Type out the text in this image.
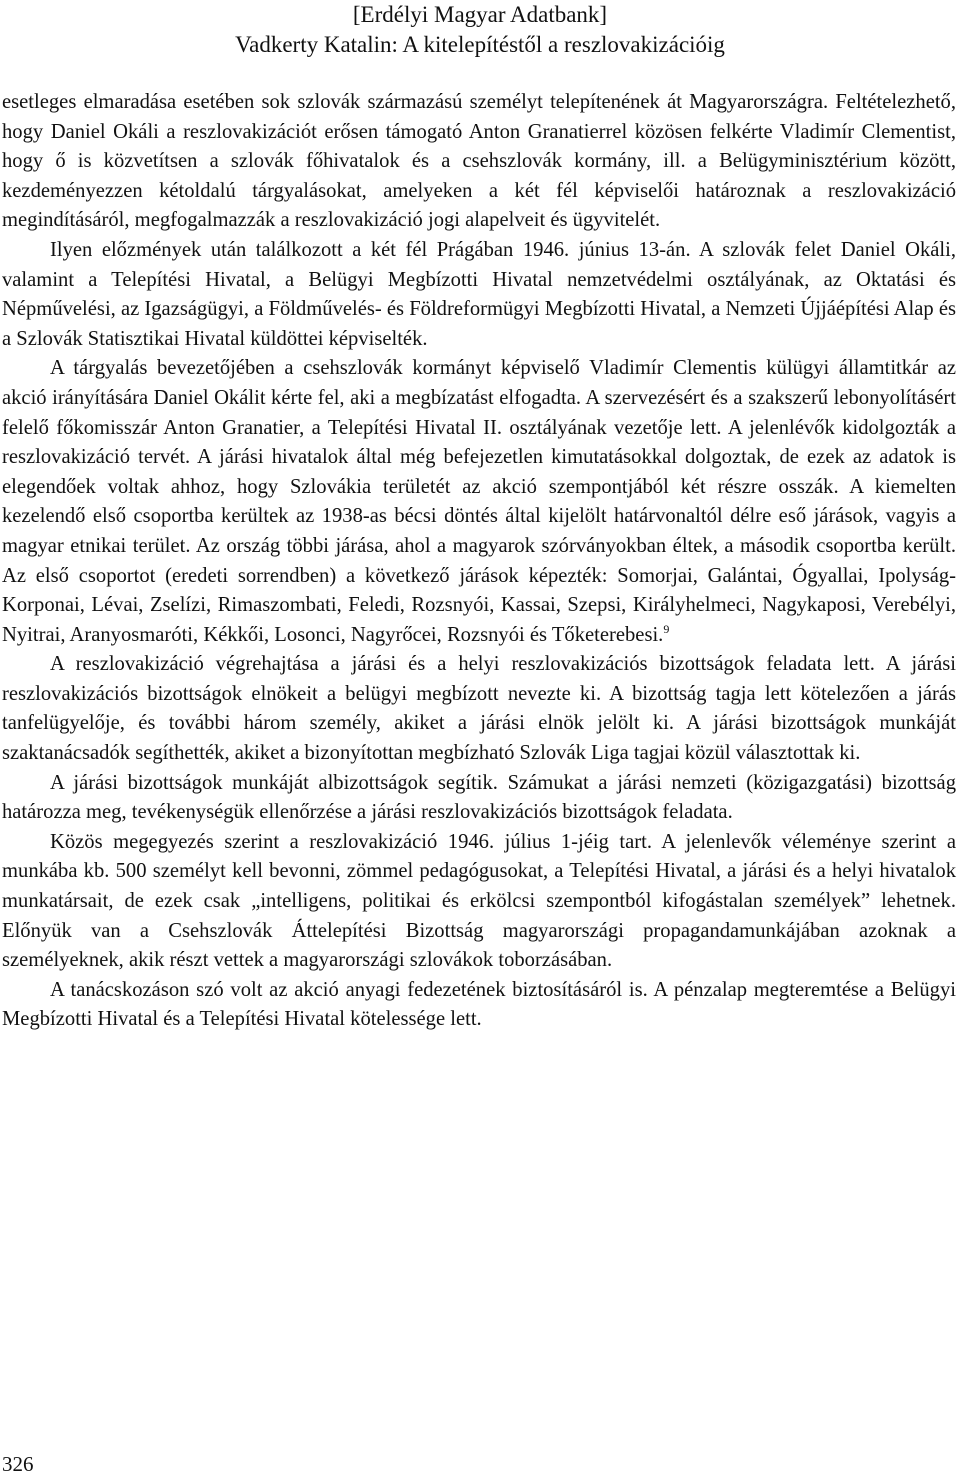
[Erdélyi Magyar Adatbank]
Vadkerty Katalin: A kitelepítéstől a reszlovakizációig

esetleges elmaradása esetében sok szlovák származású személyt telepítenének át Magyarországra. Feltételezhető, hogy Daniel Okáli a reszlovakizációt erősen támogató Anton Granatierrel közösen felkérte Vladimír Clementist, hogy ő is közvetítsen a szlovák főhivatalok és a csehszlovák kormány, ill. a Belügyminisztérium között, kezdeményezzen kétoldalú tárgyalásokat, amelyeken a két fél képviselői határoznak a reszlovakizáció megindításáról, megfogalmazzák a reszlovakizáció jogi alapelveit és ügyvitelét.

Ilyen előzmények után találkozott a két fél Prágában 1946. június 13-án. A szlovák felet Daniel Okáli, valamint a Telepítési Hivatal, a Belügyi Megbízotti Hivatal nemzetvédelmi osztályának, az Oktatási és Népművelési, az Igazságügyi, a Földművelés- és Földreformügyi Megbízotti Hivatal, a Nemzeti Újjáépítési Alap és a Szlovák Statisztikai Hivatal küldöttei képviselték.

A tárgyalás bevezetőjében a csehszlovák kormányt képviselő Vladimír Clementis külügyi államtitkár az akció irányítására Daniel Okálit kérte fel, aki a megbízatást elfogadta. A szervezésért és a szakszerű lebonyolításért felelő főkomisszár Anton Granatier, a Telepítési Hivatal II. osztályának vezetője lett. A jelenlévők kidolgozták a reszlovakizáció tervét. A járási hivatalok által még befejezetlen kimutatásokkal dolgoztak, de ezek az adatok is elegendőek voltak ahhoz, hogy Szlovákia területét az akció szempontjából két részre osszák. A kiemelten kezelendő első csoportba kerültek az 1938-as bécsi döntés által kijelölt határvonaltól délre eső járások, vagyis a magyar etnikai terület. Az ország többi járása, ahol a magyarok szórványokban éltek, a második csoportba került. Az első csoportot (eredeti sorrendben) a következő járások képezték: Somorjai, Galántai, Ógyallai, Ipolyság-Korponai, Lévai, Zselízi, Rimaszombati, Feledi, Rozsnyói, Kassai, Szepsi, Királyhelmeci, Nagykaposi, Verebélyi, Nyitrai, Aranyosmaróti, Kékkői, Losonci, Nagyrőcei, Rozsnyói és Tőketerebesi.$^9$

A reszlovakizáció végrehajtása a járási és a helyi reszlovakizációs bizottságok feladata lett. A járási reszlovakizációs bizottságok elnökeit a belügyi megbízott nevezte ki. A bizottság tagja lett kötelezően a járás tanfelügyelője, és további három személy, akiket a járási elnök jelölt ki. A járási bizottságok munkáját szaktanácsadók segíthették, akiket a bizonyítottan megbízható Szlovák Liga tagjai közül választottak ki.

A járási bizottságok munkáját albizottságok segítik. Számukat a járási nemzeti (közigazgatási) bizottság határozza meg, tevékenységük ellenőrzése a járási reszlovakizációs bizottságok feladata.

Közös megegyezés szerint a reszlovakizáció 1946. július 1-jéig tart. A jelenlevők véleménye szerint a munkába kb. 500 személyt kell bevonni, zömmel pedagógusokat, a Telepítési Hivatal, a járási és a helyi hivatalok munkatársait, de ezek csak „intelligens, politikai és erkölcsi szempontból kifogástalan személyek” lehetnek. Előnyük van a Csehszlovák Áttelepítési Bizottság magyarországi propagandamunkájában azoknak a személyeknek, akik részt vettek a magyarországi szlovákok toborzásában.

A tanácskozáson szó volt az akció anyagi fedezetének biztosításáról is. A pénzalap megteremtése a Belügyi Megbízotti Hivatal és a Telepítési Hivatal kötelessége lett.

326
